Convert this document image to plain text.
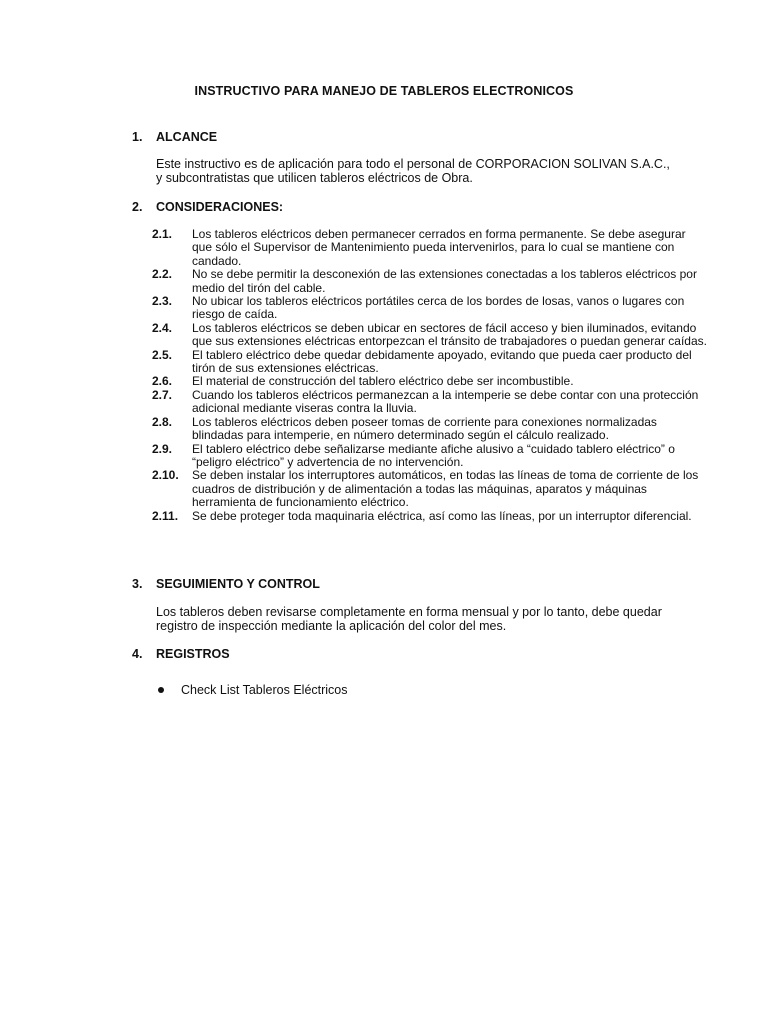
INSTRUCTIVO PARA MANEJO DE TABLEROS ELECTRONICOS
1.	ALCANCE
Este instructivo es de aplicación para todo el personal de CORPORACION SOLIVAN S.A.C.,
y subcontratistas que utilicen tableros eléctricos de Obra.
2.	CONSIDERACIONES:
2.1.	Los tableros eléctricos deben permanecer cerrados en forma permanente. Se debe asegurar que sólo el Supervisor de Mantenimiento pueda intervenirlos, para lo cual se mantiene con candado.
2.2.	No se debe permitir la desconexión de las extensiones conectadas a los tableros eléctricos por medio del tirón del cable.
2.3.	No ubicar los tableros eléctricos portátiles cerca de los bordes de losas, vanos o lugares con riesgo de caída.
2.4.	Los tableros eléctricos se deben ubicar en sectores de fácil acceso y bien iluminados, evitando que sus extensiones eléctricas entorpezcan el tránsito de trabajadores o puedan generar caídas.
2.5.	El tablero eléctrico debe quedar debidamente apoyado, evitando que pueda caer producto del tirón de sus extensiones eléctricas.
2.6.	El material de construcción del tablero eléctrico debe ser incombustible.
2.7.	Cuando los tableros eléctricos permanezcan a la intemperie se debe contar con una protección adicional mediante viseras contra la lluvia.
2.8.	Los tableros eléctricos deben poseer tomas de corriente para conexiones normalizadas blindadas para intemperie, en número determinado según el cálculo realizado.
2.9.	El tablero eléctrico debe señalizarse mediante afiche alusivo a “cuidado tablero eléctrico” o “peligro eléctrico” y advertencia de no intervención.
2.10.	Se deben instalar los interruptores automáticos, en todas las líneas de toma de corriente de los cuadros de distribución y de alimentación a todas las máquinas, aparatos y máquinas herramienta de funcionamiento eléctrico.
2.11.	Se debe proteger toda maquinaria eléctrica, así como las líneas, por un interruptor diferencial.
3.	SEGUIMIENTO Y CONTROL
Los tableros deben revisarse completamente en forma mensual y por lo tanto, debe quedar
registro de inspección mediante la aplicación del color del mes.
4.	REGISTROS
Check List Tableros Eléctricos
